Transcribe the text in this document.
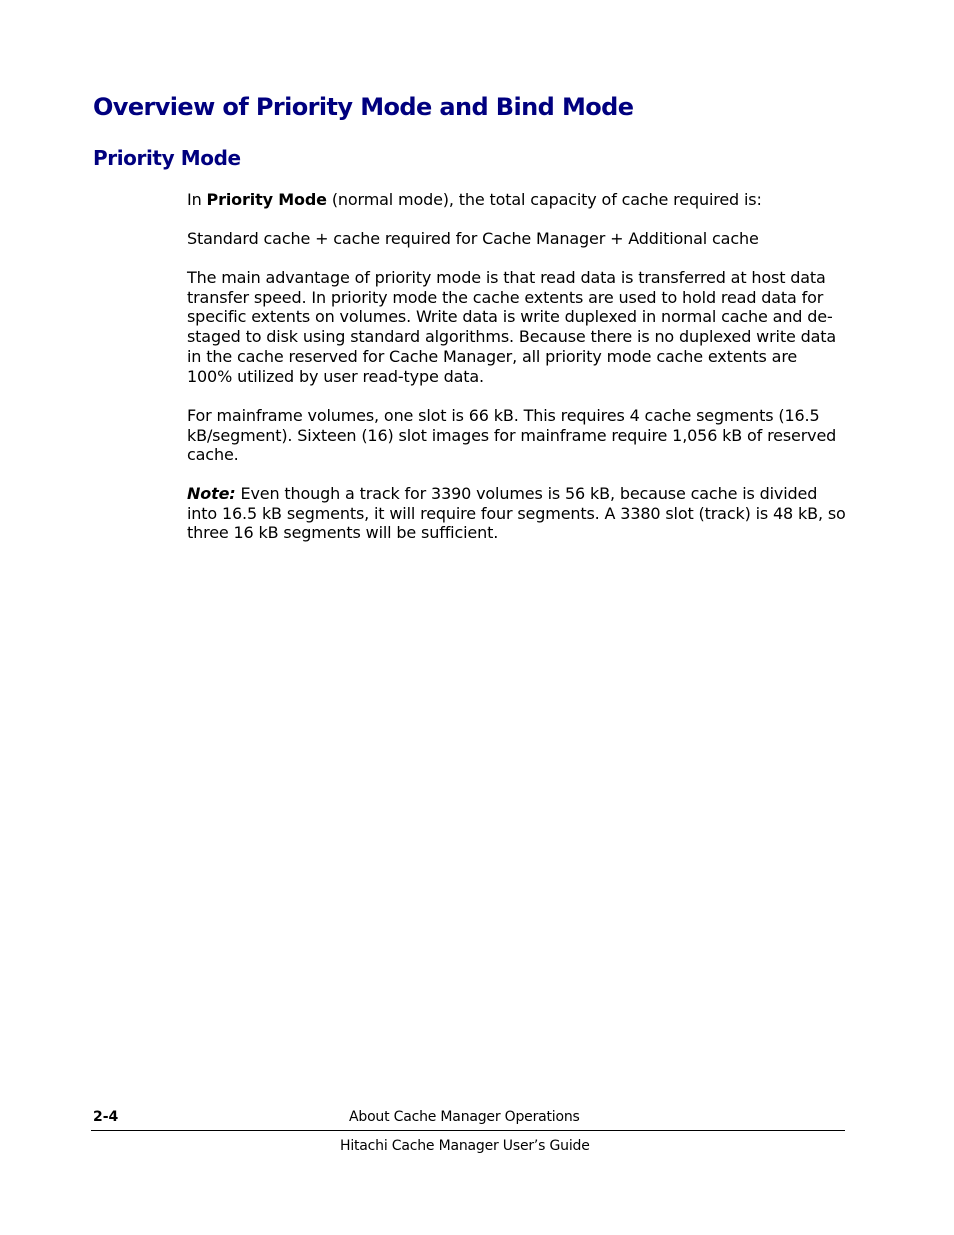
Overview of Priority Mode and Bind Mode
Priority Mode

In Priority Mode (normal mode), the total capacity of cache required is:

Standard cache + cache required for Cache Manager + Additional cache

The main advantage of priority mode is that read data is transferred at host data transfer speed. In priority mode the cache extents are used to hold read data for specific extents on volumes. Write data is write duplexed in normal cache and de-staged to disk using standard algorithms. Because there is no duplexed write data in the cache reserved for Cache Manager, all priority mode cache extents are 100% utilized by user read-type data.

For mainframe volumes, one slot is 66 kB. This requires 4 cache segments (16.5 kB/segment). Sixteen (16) slot images for mainframe require 1,056 kB of reserved cache.

Note: Even though a track for 3390 volumes is 56 kB, because cache is divided into 16.5 kB segments, it will require four segments. A 3380 slot (track) is 48 kB, so three 16 kB segments will be sufficient.

2-4	About Cache Manager Operations
Hitachi Cache Manager User’s Guide
